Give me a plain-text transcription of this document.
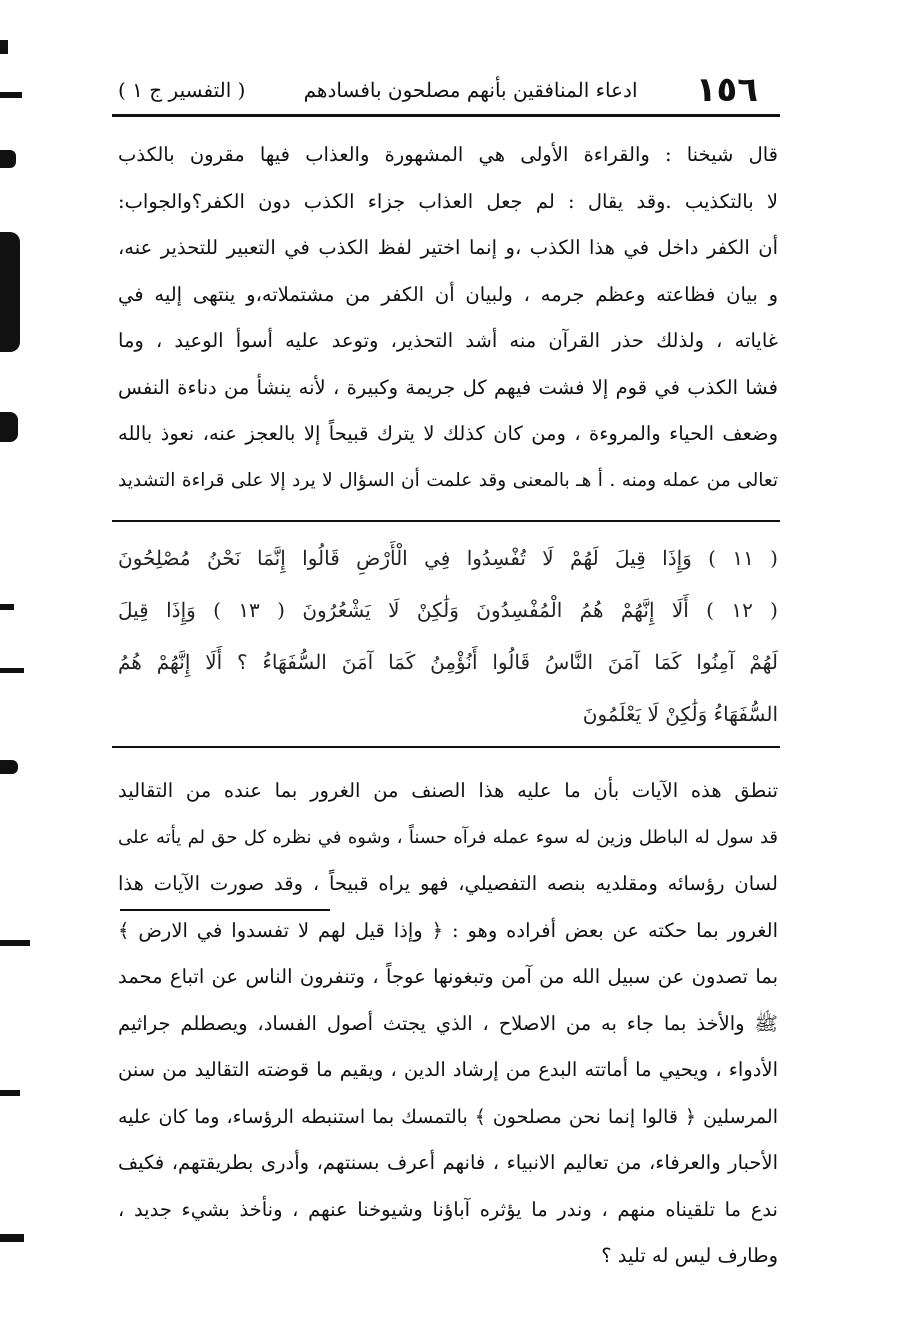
١٥٦
ادعاء المنافقين بأنهم مصلحون بافسادهم
( التفسير ج ١ )
قال شيخنا : والقراءة الأولى هي المشهورة والعذاب فيها مقرون بالكذب
لا بالتكذيب .وقد يقال : لم جعل العذاب جزاء الكذب دون الكفر؟والجواب:
أن الكفر داخل في هذا الكذب ،و إنما اختير لفظ الكذب في التعبير للتحذير عنه،
و بيان فظاعته وعظم جرمه ، ولبيان أن الكفر من مشتملاته،و ينتهى إليه في
غاياته ، ولذلك حذر القرآن منه أشد التحذير، وتوعد عليه أسوأ الوعيد ، وما
فشا الكذب في قوم إلا فشت فيهم كل جريمة وكبيرة ، لأنه ينشأ من دناءة النفس
وضعف الحياء والمروءة ، ومن كان كذلك لا يترك قبيحاً إلا بالعجز عنه، نعوذ بالله
تعالى من عمله ومنه . أ هـ بالمعنى وقد علمت أن السؤال لا يرد إلا على قراءة التشديد
( ١١ ) وَإِذَا قِيلَ لَهُمْ لَا تُفْسِدُوا فِي الْأَرْضِ قَالُوا إِنَّمَا نَحْنُ مُصْلِحُونَ
( ١٢ ) أَلَا إِنَّهُمْ هُمُ الْمُفْسِدُونَ وَلَٰكِنْ لَا يَشْعُرُونَ ( ١٣ ) وَإِذَا قِيلَ
لَهُمْ آمِنُوا كَمَا آمَنَ النَّاسُ قَالُوا أَنُؤْمِنُ كَمَا آمَنَ السُّفَهَاءُ ؟ أَلَا إِنَّهُمْ هُمُ
السُّفَهَاءُ وَلَٰكِنْ لَا يَعْلَمُونَ
تنطق هذه الآيات بأن ما عليه هذا الصنف من الغرور بما عنده من التقاليد
قد سول له الباطل وزين له سوء عمله فرآه حسناً ، وشوه في نظره كل حق لم يأته على
لسان رؤسائه ومقلديه بنصه التفصيلي، فهو يراه قبيحاً ، وقد صورت الآيات هذا
الغرور بما حكته عن بعض أفراده وهو : ﴿ وإذا قيل لهم لا تفسدوا في الارض ﴾
بما تصدون عن سبيل الله من آمن وتبغونها عوجاً ، وتنفرون الناس عن اتباع محمد
ﷺ والأخذ بما جاء به من الاصلاح ، الذي يجتث أصول الفساد، ويصطلم جراثيم
الأدواء ، ويحيي ما أماتته البدع من إرشاد الدين ، ويقيم ما قوضته التقاليد من سنن
المرسلين ﴿ قالوا إنما نحن مصلحون ﴾ بالتمسك بما استنبطه الرؤساء، وما كان عليه
الأحبار والعرفاء، من تعاليم الانبياء ، فانهم أعرف بسنتهم، وأدرى بطريقتهم، فكيف
ندع ما تلقيناه منهم ، وندر ما يؤثره آباؤنا وشيوخنا عنهم ، ونأخذ بشيء جديد ،
وطارف ليس له تليد ؟
